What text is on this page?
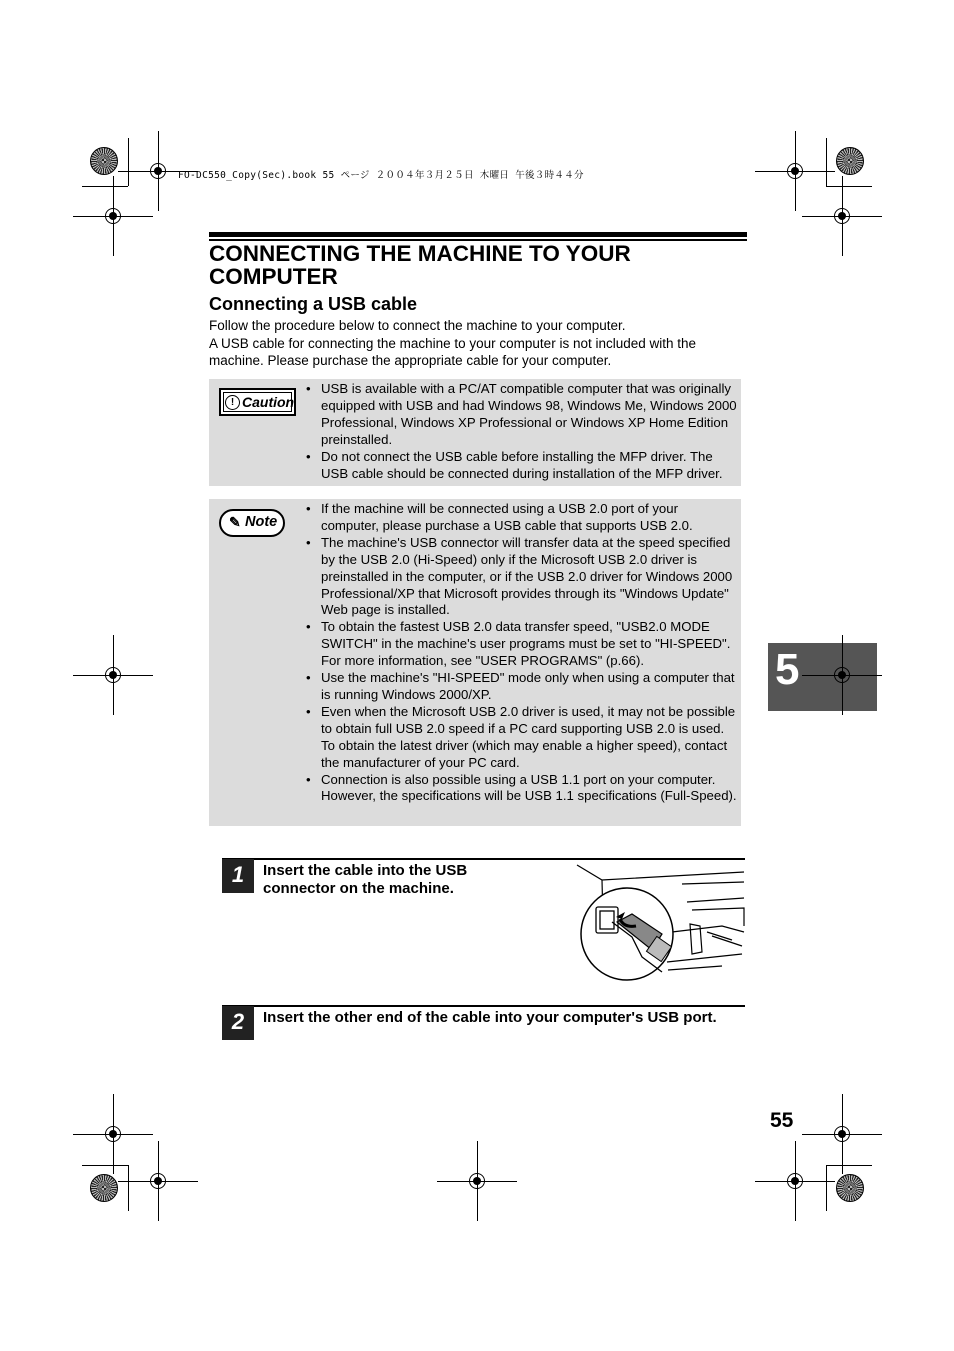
FO-DC550_Copy(Sec).book 55 ページ ２００４年３月２５日 木曜日 午後３時４４分
CONNECTING THE MACHINE TO YOUR COMPUTER
Connecting a USB cable
Follow the procedure below to connect the machine to your computer.
A USB cable for connecting the machine to your computer is not included with the machine. Please purchase the appropriate cable for your computer.
! Caution
• USB is available with a PC/AT compatible computer that was originally equipped with USB and had Windows 98, Windows Me, Windows 2000 Professional, Windows XP Professional or Windows XP Home Edition preinstalled.
• Do not connect the USB cable before installing the MFP driver. The USB cable should be connected during installation of the MFP driver.
✎ Note
• If the machine will be connected using a USB 2.0 port of your computer, please purchase a USB cable that supports USB 2.0.
• The machine's USB connector will transfer data at the speed specified by the USB 2.0 (Hi-Speed) only if the Microsoft USB 2.0 driver is preinstalled in the computer, or if the USB 2.0 driver for Windows 2000 Professional/XP that Microsoft provides through its "Windows Update" Web page is installed.
• To obtain the fastest USB 2.0 data transfer speed, "USB2.0 MODE SWITCH" in the machine's user programs must be set to "HI-SPEED". For more information, see "USER PROGRAMS" (p.66).
• Use the machine's "HI-SPEED" mode only when using a computer that is running Windows 2000/XP.
• Even when the Microsoft USB 2.0 driver is used, it may not be possible to obtain full USB 2.0 speed if a PC card supporting USB 2.0 is used. To obtain the latest driver (which may enable a higher speed), contact the manufacturer of your PC card.
• Connection is also possible using a USB 1.1 port on your computer. However, the specifications will be USB 1.1 specifications (Full-Speed).
1	Insert the cable into the USB connector on the machine.
2	Insert the other end of the cable into your computer's USB port.
5
55
